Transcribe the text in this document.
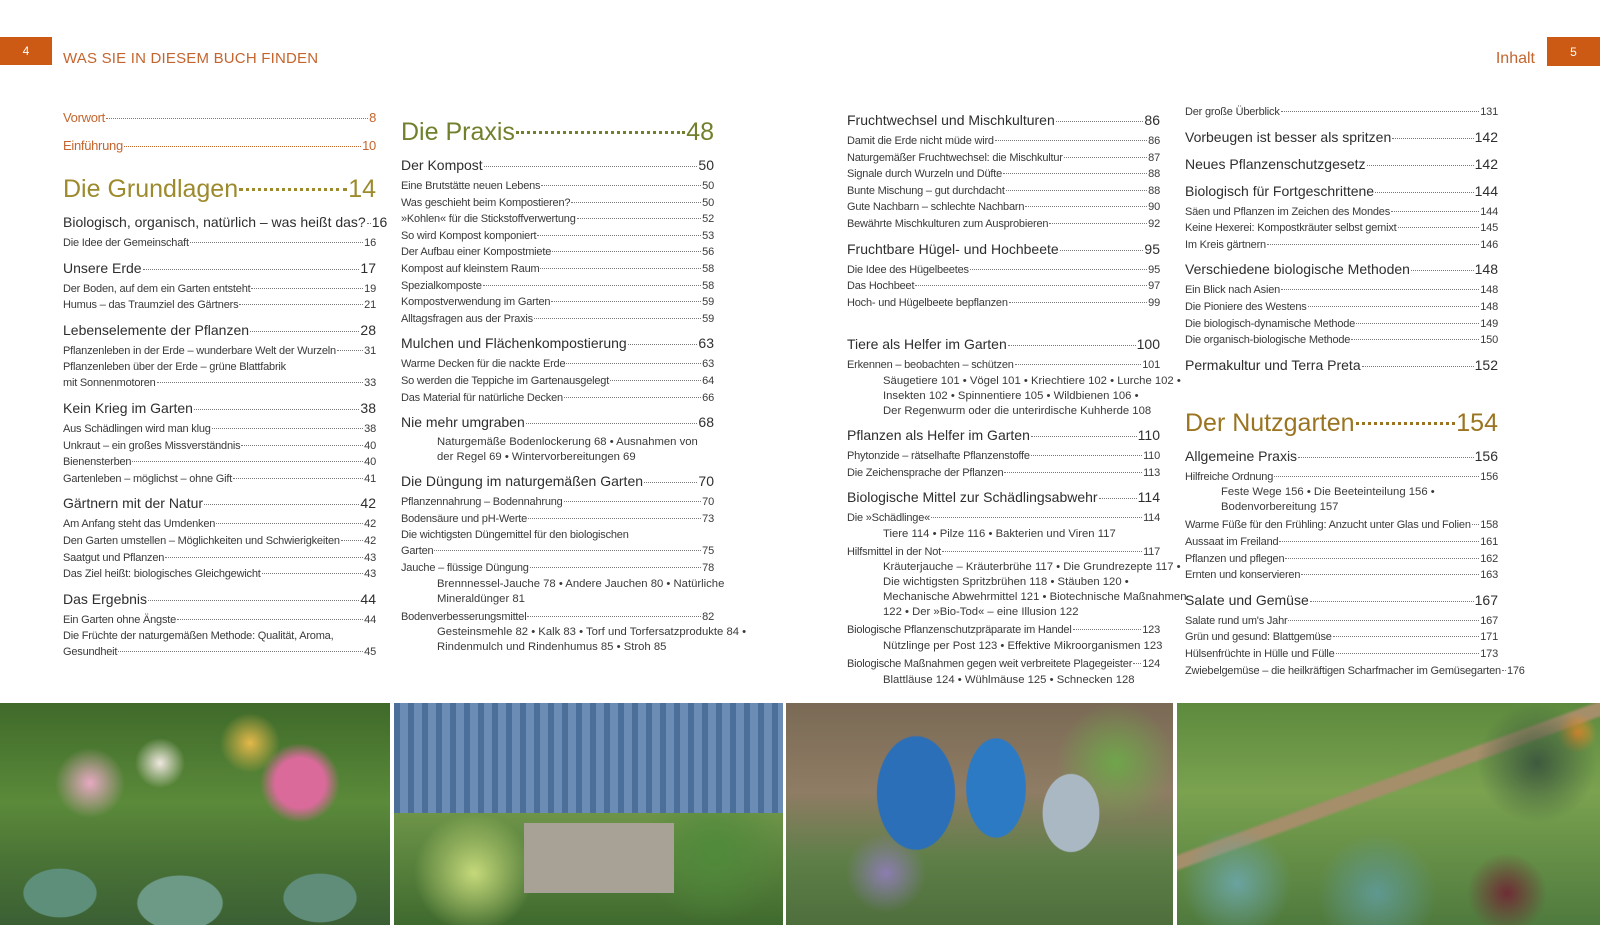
4 WAS SIE IN DIESEM BUCH FINDEN	Inhalt	5
Vorwort	8
Einführung	10
Die Grundlagen	14
Biologisch, organisch, natürlich – was heißt das? 16
Die Idee der Gemeinschaft	16
Unsere Erde	17
Der Boden, auf dem ein Garten entsteht	19
Humus – das Traumziel des Gärtners	21
Lebenselemente der Pflanzen	28
Pflanzenleben in der Erde – wunderbare Welt der Wurzeln	31
Pflanzenleben über der Erde – grüne Blattfabrik
mit Sonnenmotoren	33
Kein Krieg im Garten	38
Aus Schädlingen wird man klug	38
Unkraut – ein großes Missverständnis	40
Bienensterben	40
Gartenleben – möglichst – ohne Gift	41
Gärtnern mit der Natur	42
Am Anfang steht das Umdenken	42
Den Garten umstellen – Möglichkeiten und Schwierigkeiten 42
Saatgut und Pflanzen	43
Das Ziel heißt: biologisches Gleichgewicht	43
Das Ergebnis	44
Ein Garten ohne Ängste	44
Die Früchte der naturgemäßen Methode: Qualität, Aroma,
Gesundheit	45
Die Praxis	48
Der Kompost	50
Eine Brutstätte neuen Lebens	50
Was geschieht beim Kompostieren?	50
»Kohlen« für die Stickstoffverwertung	52
So wird Kompost komponiert	53
Der Aufbau einer Kompostmiete	56
Kompost auf kleinstem Raum	58
Spezialkomposte	58
Kompostverwendung im Garten	59
Alltagsfragen aus der Praxis	59
Mulchen und Flächenkompostierung	63
Warme Decken für die nackte Erde	63
So werden die Teppiche im Gartenausgelegt	64
Das Material für natürliche Decken	66
Nie mehr umgraben	68
Naturgemäße Bodenlockerung 68 • Ausnahmen von
der Regel 69 • Wintervorbereitungen 69
Die Düngung im naturgemäßen Garten	70
Pflanzennahrung – Bodennahrung	70
Bodensäure und pH-Werte	73
Die wichtigsten Düngemittel für den biologischen
Garten	75
Jauche – flüssige Düngung	78
Brennnessel-Jauche 78 • Andere Jauchen 80 • Natürliche
Mineraldünger 81
Bodenverbesserungsmittel	82
Gesteinsmehle 82 • Kalk 83 • Torf und Torfersatzprodukte 84 •
Rindenmulch und Rindenhumus 85 • Stroh 85
Fruchtwechsel und Mischkulturen	86
Damit die Erde nicht müde wird	86
Naturgemäßer Fruchtwechsel: die Mischkultur	87
Signale durch Wurzeln und Düfte	88
Bunte Mischung – gut durchdacht	88
Gute Nachbarn – schlechte Nachbarn	90
Bewährte Mischkulturen zum Ausprobieren	92
Fruchtbare Hügel- und Hochbeete	95
Die Idee des Hügelbeetes	95
Das Hochbeet	97
Hoch- und Hügelbeete bepflanzen	99
Tiere als Helfer im Garten	100
Erkennen – beobachten – schützen	101
Säugetiere 101 • Vögel 101 • Kriechtiere 102 • Lurche 102 •
Insekten 102 • Spinnentiere 105 • Wildbienen 106 •
Der Regenwurm oder die unterirdische Kuhherde 108
Pflanzen als Helfer im Garten	110
Phytonzide – rätselhafte Pflanzenstoffe	110
Die Zeichensprache der Pflanzen	113
Biologische Mittel zur Schädlingsabwehr	114
Die »Schädlinge«	114
Tiere 114 • Pilze 116 • Bakterien und Viren 117
Hilfsmittel in der Not	117
Kräuterjauche – Kräuterbrühe 117 • Die Grundrezepte 117 •
Die wichtigsten Spritzbrühen 118 • Stäuben 120 •
Mechanische Abwehrmittel 121 • Biotechnische Maßnahmen
122 • Der »Bio-Tod« – eine Illusion 122
Biologische Pflanzenschutzpräparate im Handel	123
Nützlinge per Post 123 • Effektive Mikroorganismen 123
Biologische Maßnahmen gegen weit verbreitete Plagegeister 124
Blattläuse 124 • Wühlmäuse 125 • Schnecken 128
Der große Überblick	131
Vorbeugen ist besser als spritzen	142
Neues Pflanzenschutzgesetz	142
Biologisch für Fortgeschrittene	144
Säen und Pflanzen im Zeichen des Mondes	144
Keine Hexerei: Kompostkräuter selbst gemixt	145
Im Kreis gärtnern	146
Verschiedene biologische Methoden	148
Ein Blick nach Asien	148
Die Pioniere des Westens	148
Die biologisch-dynamische Methode	149
Die organisch-biologische Methode	150
Permakultur und Terra Preta	152
Der Nutzgarten	154
Allgemeine Praxis	156
Hilfreiche Ordnung	156
Feste Wege 156 • Die Beeteinteilung 156 •
Bodenvorbereitung 157
Warme Füße für den Frühling: Anzucht unter Glas und Folien 158
Aussaat im Freiland	161
Pflanzen und pflegen	162
Ernten und konservieren	163
Salate und Gemüse	167
Salate rund um's Jahr	167
Grün und gesund: Blattgemüse	171
Hülsenfrüchte in Hülle und Fülle	173
Zwiebelgemüse – die heilkräftigen Scharfmacher im Gemüsegarten 176
